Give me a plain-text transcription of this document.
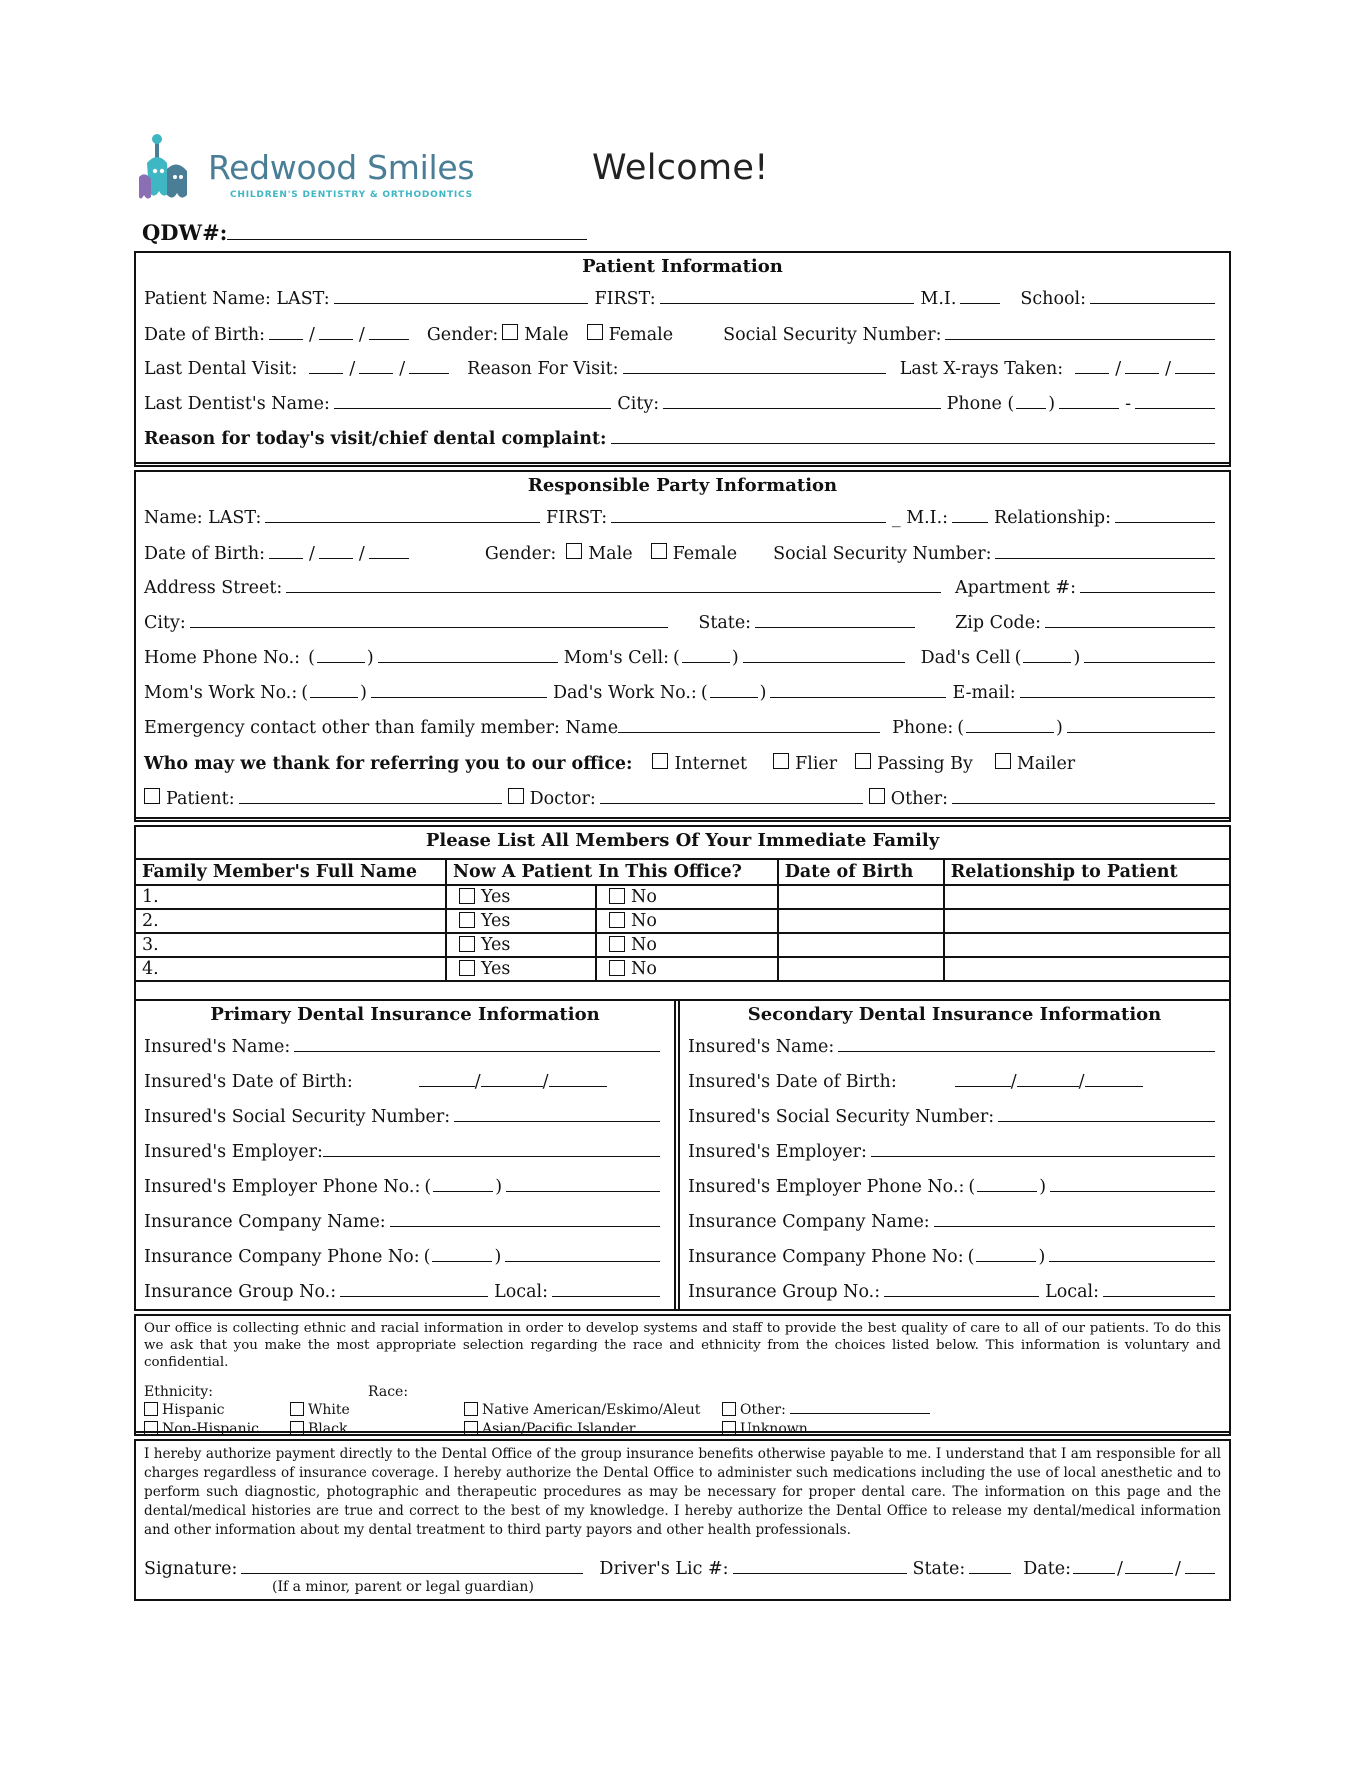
Redwood Smiles
CHILDREN'S DENTISTRY & ORTHODONTICS
Welcome!
QDW#:
Patient Information
Patient Name: LAST:	FIRST:	M.I.	School:
Date of Birth:	/	/	Gender: Male Female	Social Security Number:
Last Dental Visit:	/	/	Reason For Visit:	Last X-rays Taken:	/	/
Last Dentist's Name:	City:	Phone ( )	-
Reason for today's visit/chief dental complaint:
Responsible Party Information
Name: LAST:	FIRST:	_ M.I.:	Relationship:
Date of Birth:	/	/	Gender: Male Female Social Security Number:
Address Street:	Apartment #:
City:	State:	Zip Code:
Home Phone No.: (	)	Mom's Cell: (	)	Dad's Cell (	)
Mom's Work No.: (	)	Dad's Work No.: (	)	E-mail:
Emergency contact other than family member: Name	Phone: (	)
Who may we thank for referring you to our office: Internet	Flier Passing By	Mailer
Patient:	Doctor:	Other:
Please List All Members Of Your Immediate Family
Family Member's Full Name	Now A Patient In This Office?		Date of Birth	Relationship to Patient
1.	Yes	No		
2.	Yes	No		
3.	Yes	No		
4.	Yes	No		
Primary Dental Insurance Information
Insured's Name:
Insured's Date of Birth:	/	/
Insured's Social Security Number:
Insured's Employer:
Insured's Employer Phone No.: (	)
Insurance Company Name:
Insurance Company Phone No: (	)
Insurance Group No.:	Local:
Secondary Dental Insurance Information
Insured's Name:
Insured's Date of Birth:	/	/
Insured's Social Security Number:
Insured's Employer:
Insured's Employer Phone No.: (	)
Insurance Company Name:
Insurance Company Phone No: (	)
Insurance Group No.:	Local:
Our office is collecting ethnic and racial information in order to develop systems and staff to provide the best quality of care to all of our patients. To do this we ask that you make the most appropriate selection regarding the race and ethnicity from the choices listed below. This information is voluntary and confidential.
Ethnicity:	Race:
Hispanic
Non-Hispanic
White
Black
Native American/Eskimo/Aleut
Asian/Pacific Islander
Other:
Unknown
I hereby authorize payment directly to the Dental Office of the group insurance benefits otherwise payable to me. I understand that I am responsible for all charges regardless of insurance coverage. I hereby authorize the Dental Office to administer such medications including the use of local anesthetic and to perform such diagnostic, photographic and therapeutic procedures as may be necessary for proper dental care. The information on this page and the dental/medical histories are true and correct to the best of my knowledge. I hereby authorize the Dental Office to release my dental/medical information and other information about my dental treatment to third party payors and other health professionals.
Signature:	Driver's Lic #:	State:	Date:	/	/
(If a minor, parent or legal guardian)
